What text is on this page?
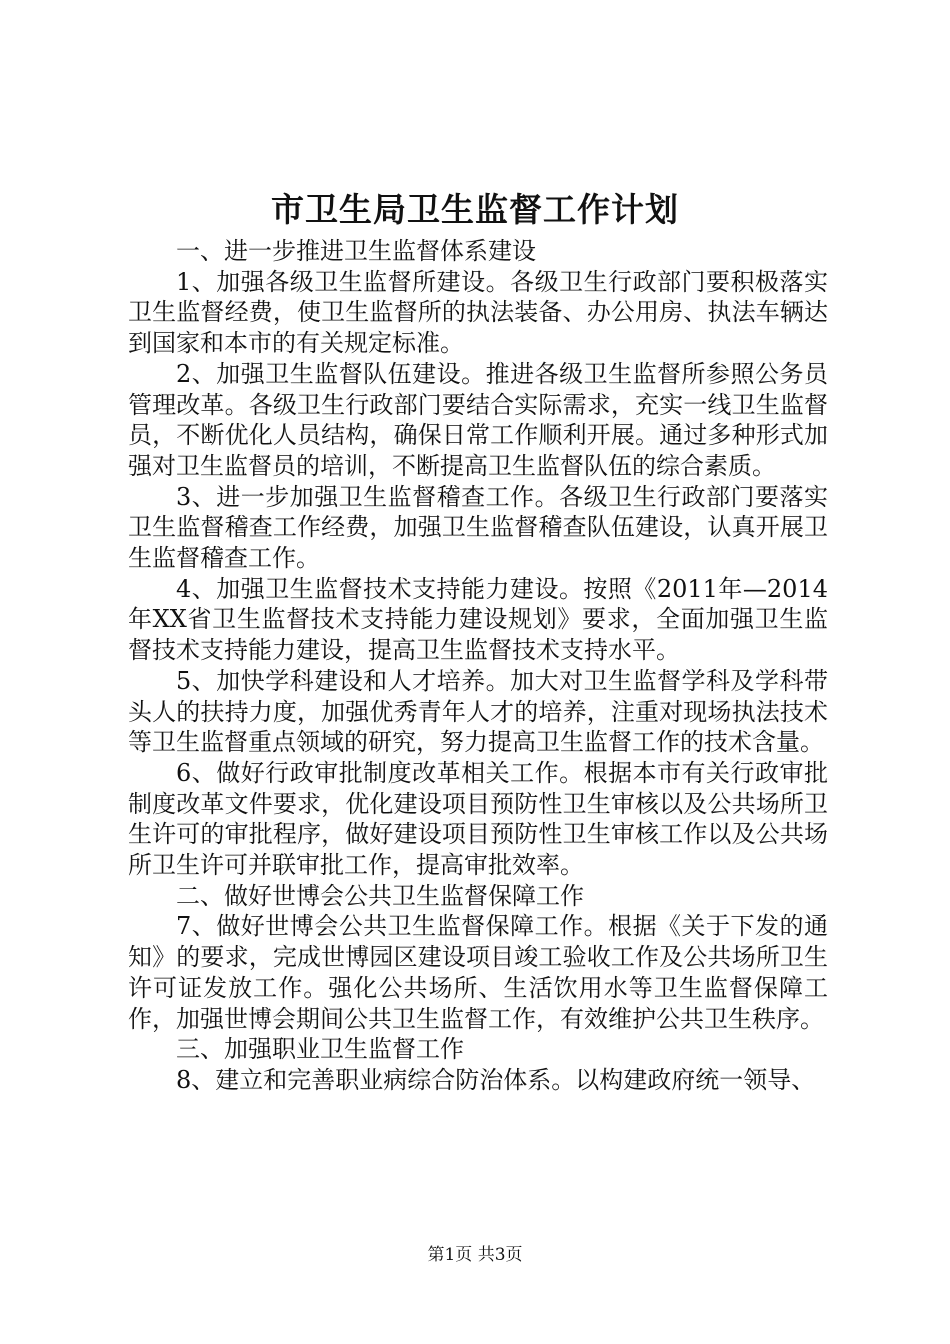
市卫生局卫生监督工作计划

一、进一步推进卫生监督体系建设

1、加强各级卫生监督所建设。各级卫生行政部门要积极落实卫生监督经费，使卫生监督所的执法装备、办公用房、执法车辆达到国家和本市的有关规定标准。

2、加强卫生监督队伍建设。推进各级卫生监督所参照公务员管理改革。各级卫生行政部门要结合实际需求，充实一线卫生监督员，不断优化人员结构，确保日常工作顺利开展。通过多种形式加强对卫生监督员的培训，不断提高卫生监督队伍的综合素质。

3、进一步加强卫生监督稽查工作。各级卫生行政部门要落实卫生监督稽查工作经费，加强卫生监督稽查队伍建设，认真开展卫生监督稽查工作。

4、加强卫生监督技术支持能力建设。按照《2011年—2014年XX省卫生监督技术支持能力建设规划》要求，全面加强卫生监督技术支持能力建设，提高卫生监督技术支持水平。

5、加快学科建设和人才培养。加大对卫生监督学科及学科带头人的扶持力度，加强优秀青年人才的培养，注重对现场执法技术等卫生监督重点领域的研究，努力提高卫生监督工作的技术含量。

6、做好行政审批制度改革相关工作。根据本市有关行政审批制度改革文件要求，优化建设项目预防性卫生审核以及公共场所卫生许可的审批程序，做好建设项目预防性卫生审核工作以及公共场所卫生许可并联审批工作，提高审批效率。

二、做好世博会公共卫生监督保障工作

7、做好世博会公共卫生监督保障工作。根据《关于下发的通知》的要求，完成世博园区建设项目竣工验收工作及公共场所卫生许可证发放工作。强化公共场所、生活饮用水等卫生监督保障工作，加强世博会期间公共卫生监督工作，有效维护公共卫生秩序。

三、加强职业卫生监督工作

8、建立和完善职业病综合防治体系。以构建政府统一领导、

第1页 共3页
